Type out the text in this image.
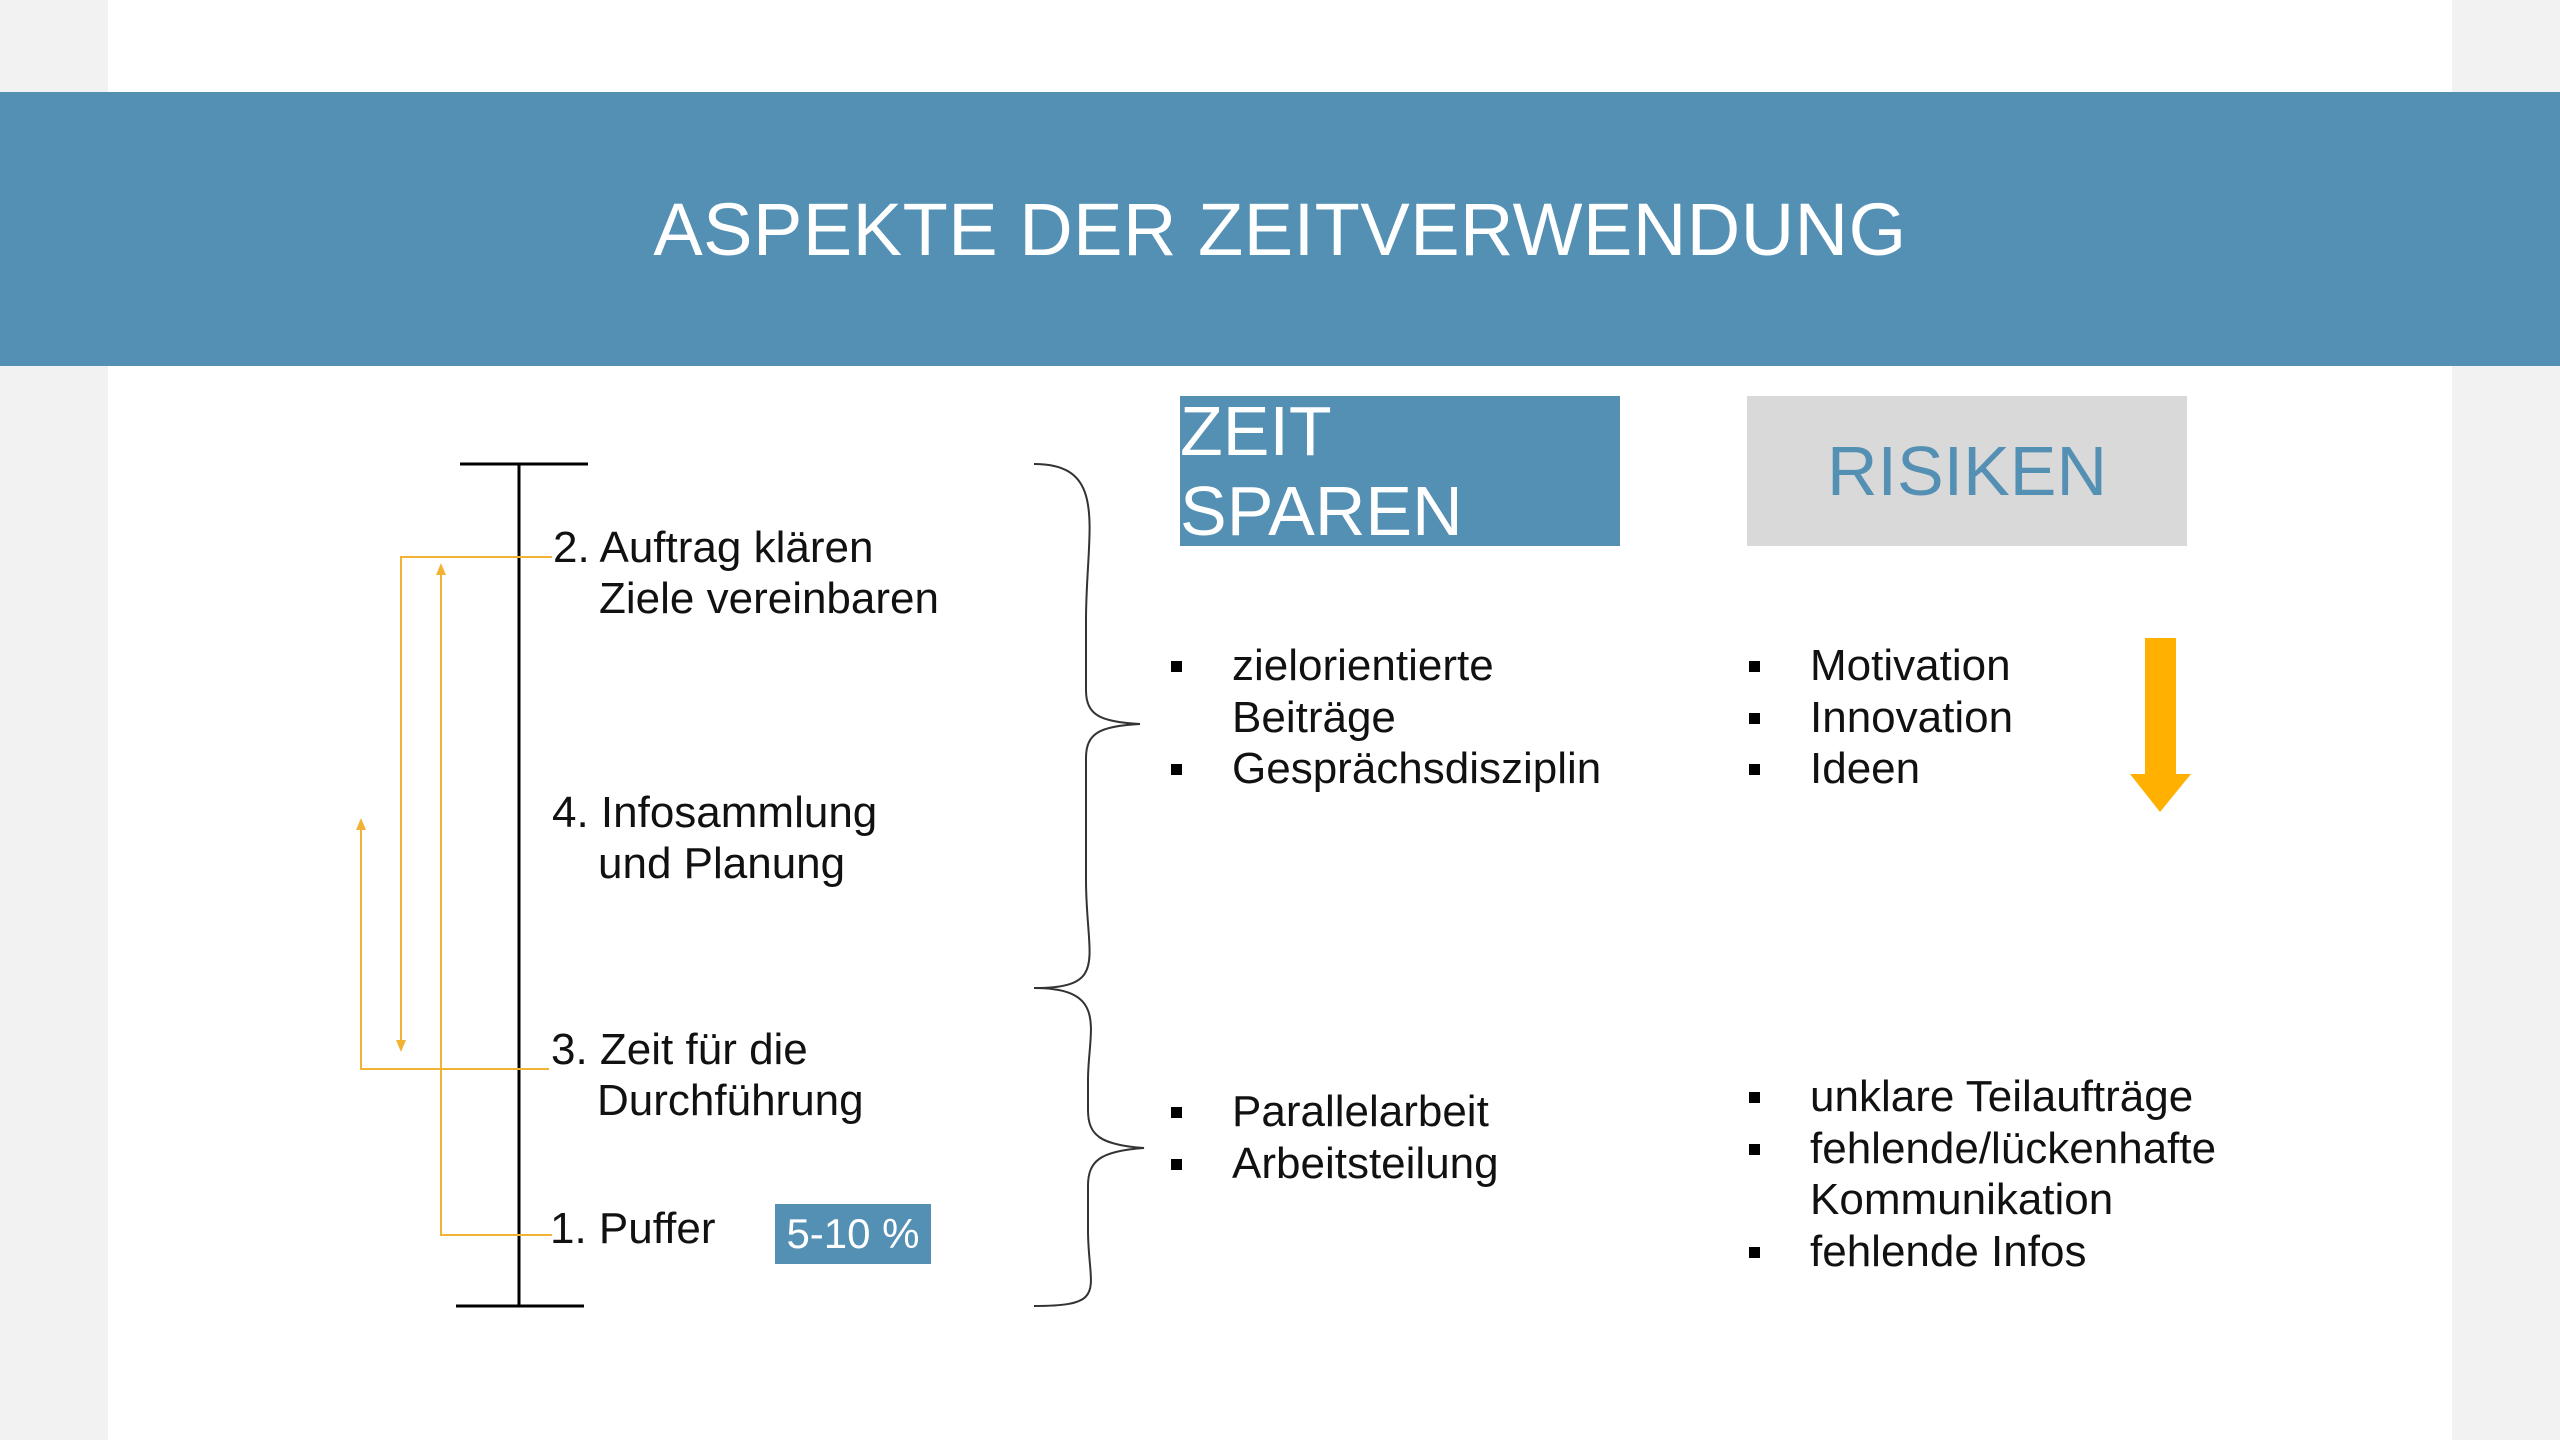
ASPEKTE DER ZEITVERWENDUNG
2. Auftrag klären
Ziele vereinbaren
4. Infosammlung
und Planung
3. Zeit für die
Durchführung
1. Puffer 5-10 %
ZEIT SPAREN
RISIKEN
zielorientierte
Beiträge
Gesprächsdisziplin
Parallelarbeit
Arbeitsteilung
Motivation
Innovation
Ideen
unklare Teilaufträge
fehlende/lückenhafte
Kommunikation
fehlende Infos
